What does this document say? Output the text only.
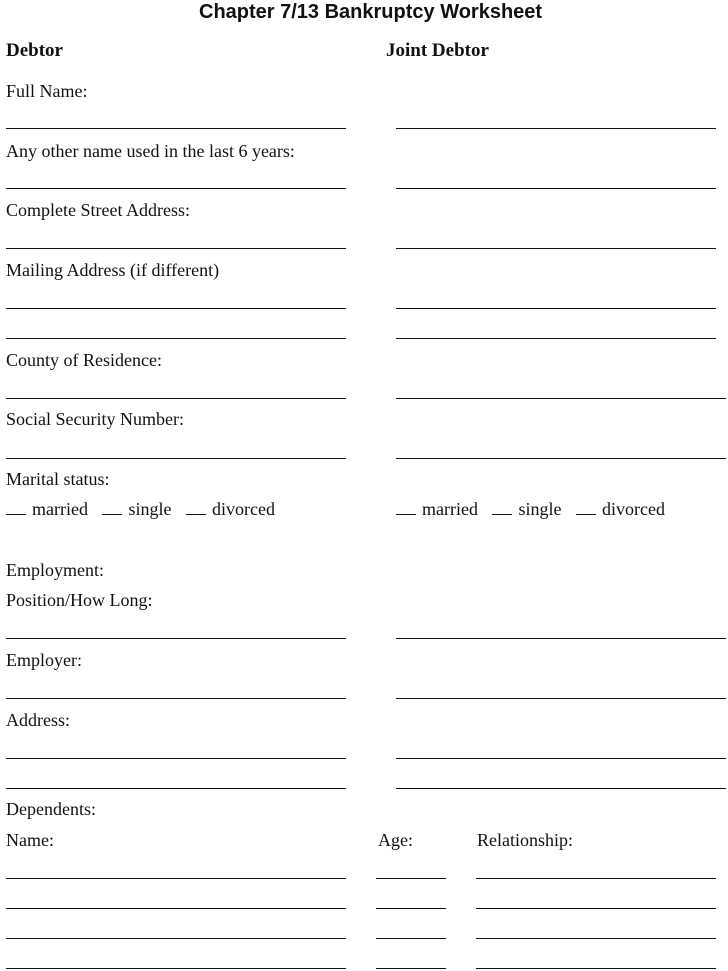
Chapter 7/13 Bankruptcy Worksheet
Debtor	Joint Debtor
Full Name:
Any other name used in the last 6 years:
Complete Street Address:
Mailing Address (if different)
County of Residence:
Social Security Number:
Marital status:
married single divorced	married single divorced
Employment:
Position/How Long:
Employer:
Address:
Dependents:
Name:	Age:	Relationship:
